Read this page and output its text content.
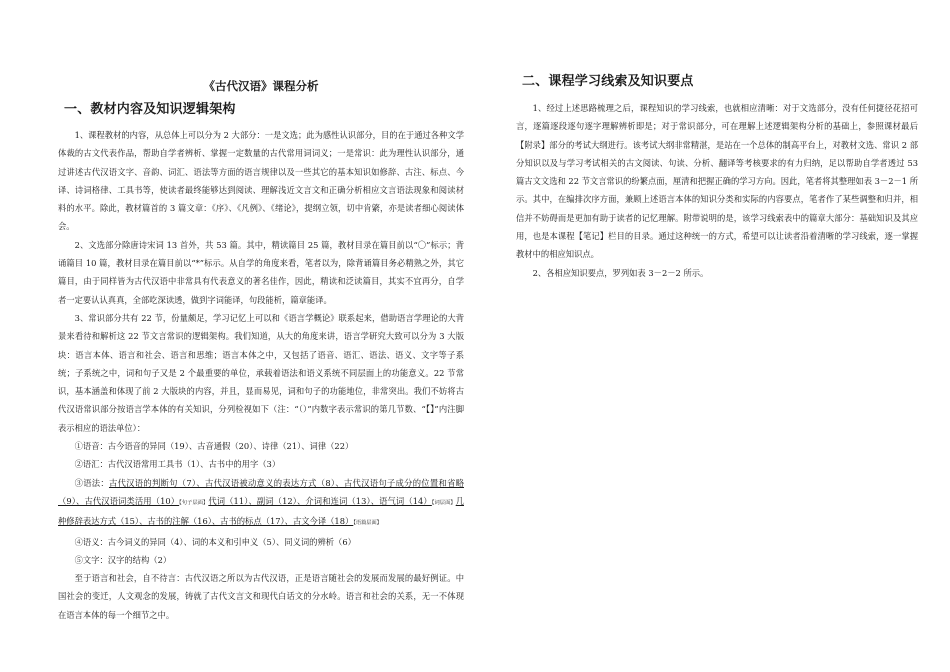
《古代汉语》课程分析
一、教材内容及知识逻辑架构

1、课程教材的内容，从总体上可以分为 2 大部分：一是文选；此为感性认识部分，目的在于通过各种文学体裁的古文代表作品，帮助自学者辨析、掌握一定数量的古代常用词词义；一是常识：此为理性认识部分，通过讲述古代汉语文字、音韵、词汇、语法等方面的语言规律以及一些其它的基本知识如修辞、古注、标点、今译、诗词格律、工具书等，使读者最终能够达到阅读、理解浅近文言文和正确分析相应文言语法现象和阅读材料的水平。除此，教材篇首的 3 篇文章：《序》、《凡例》、《绪论》，提纲立领，切中肯綮，亦是读者细心阅读体会。

2、文选部分除唐诗宋词 13 首外，共 53 篇。其中，精读篇目 25 篇，教材目录在篇目前以“〇”标示；背诵篇目 10 篇，教材目录在篇目前以“*”标示。从自学的角度来看，笔者以为，除背诵篇目务必精熟之外，其它篇目，由于同样皆为古代汉语中非常具有代表意义的著名佳作，因此，精读和泛读篇目，其实不宜再分，自学者一定要认认真真，全部吃深读透，做到字词能译，句段能析，篇章能译。

3、常识部分共有 22 节，份量颇足，学习记忆上可以和《语言学概论》联系起来，借助语言学理论的大背景来看待和解析这 22 节文言常识的逻辑架构。我们知道，从大的角度来讲，语言学研究大致可以分为 3 大版块：语言本体、语言和社会、语言和思维；语言本体之中，又包括了语音、语汇、语法、语义、文字等子系统；子系统之中，词和句子又是 2 个最重要的单位，承载着语法和语义系统不同层面上的功能意义。22 节常识，基本涵盖和体现了前 2 大版块的内容，并且，显而易见，词和句子的功能地位，非常突出。我们不妨将古代汉语常识部分按语言学本体的有关知识，分列检视如下（注：“（）”内数字表示常识的第几节数、“【】”内注脚表示相应的语法单位）：

①语音：古今语音的异同（19）、古音通假（20）、诗律（21）、词律（22）
②语汇：古代汉语常用工具书（1）、古书中的用字（3）

③语法：古代汉语的判断句（7）、古代汉语被动意义的表达方式（8）、古代汉语句子成分的位置和省略（9）、古代汉语词类活用（10）【句子层面】代词（11）、副词（12）、介词和连词（13）、语气词（14）【词层面】几种修辞表达方式（15）、古书的注解（16）、古书的标点（17）、古文今译（18）【语篇层面】

④语义：古今词义的异同（4）、词的本义和引申义（5）、同义词的辨析（6）
⑤文字：汉字的结构（2）

至于语言和社会，自不待言：古代汉语之所以为古代汉语，正是语言随社会的发展而发展的最好例证。中国社会的变迁，人文观念的发展，铸就了古代文言文和现代白话文的分水岭。语言和社会的关系，无一不体现在语言本体的每一个细节之中。

二、课程学习线索及知识要点

1、经过上述思路梳理之后，课程知识的学习线索，也就相应清晰：对于文选部分，没有任何捷径花招可言，逐篇逐段逐句逐字理解辨析即是；对于常识部分，可在理解上述逻辑架构分析的基础上，参照课材最后【附录】部分的考试大纲进行。该考试大纲非常精湛，是站在一个总体的制高平台上，对教材文选、常识 2 部分知识以及与学习考试相关的古文阅读、句读、分析、翻译等考核要求的有力归纳，足以帮助自学者透过 53 篇古文文选和 22 节文言常识的纷繁点面，厘清和把握正确的学习方向。因此，笔者将其整理如表 3－2－1 所示。其中，在编排次序方面，兼顾上述语言本体的知识分类和实际的内容要点，笔者作了某些调整和归并，相信并不妨碍而是更加有助于读者的记忆理解。附带说明的是，该学习线索表中的篇章大部分：基础知识及其应用，也是本课程【笔记】栏目的目录。通过这种统一的方式，希望可以让读者沿着清晰的学习线索，逐一掌握教材中的相应知识点。

2、各相应知识要点，罗列如表 3－2－2 所示。
